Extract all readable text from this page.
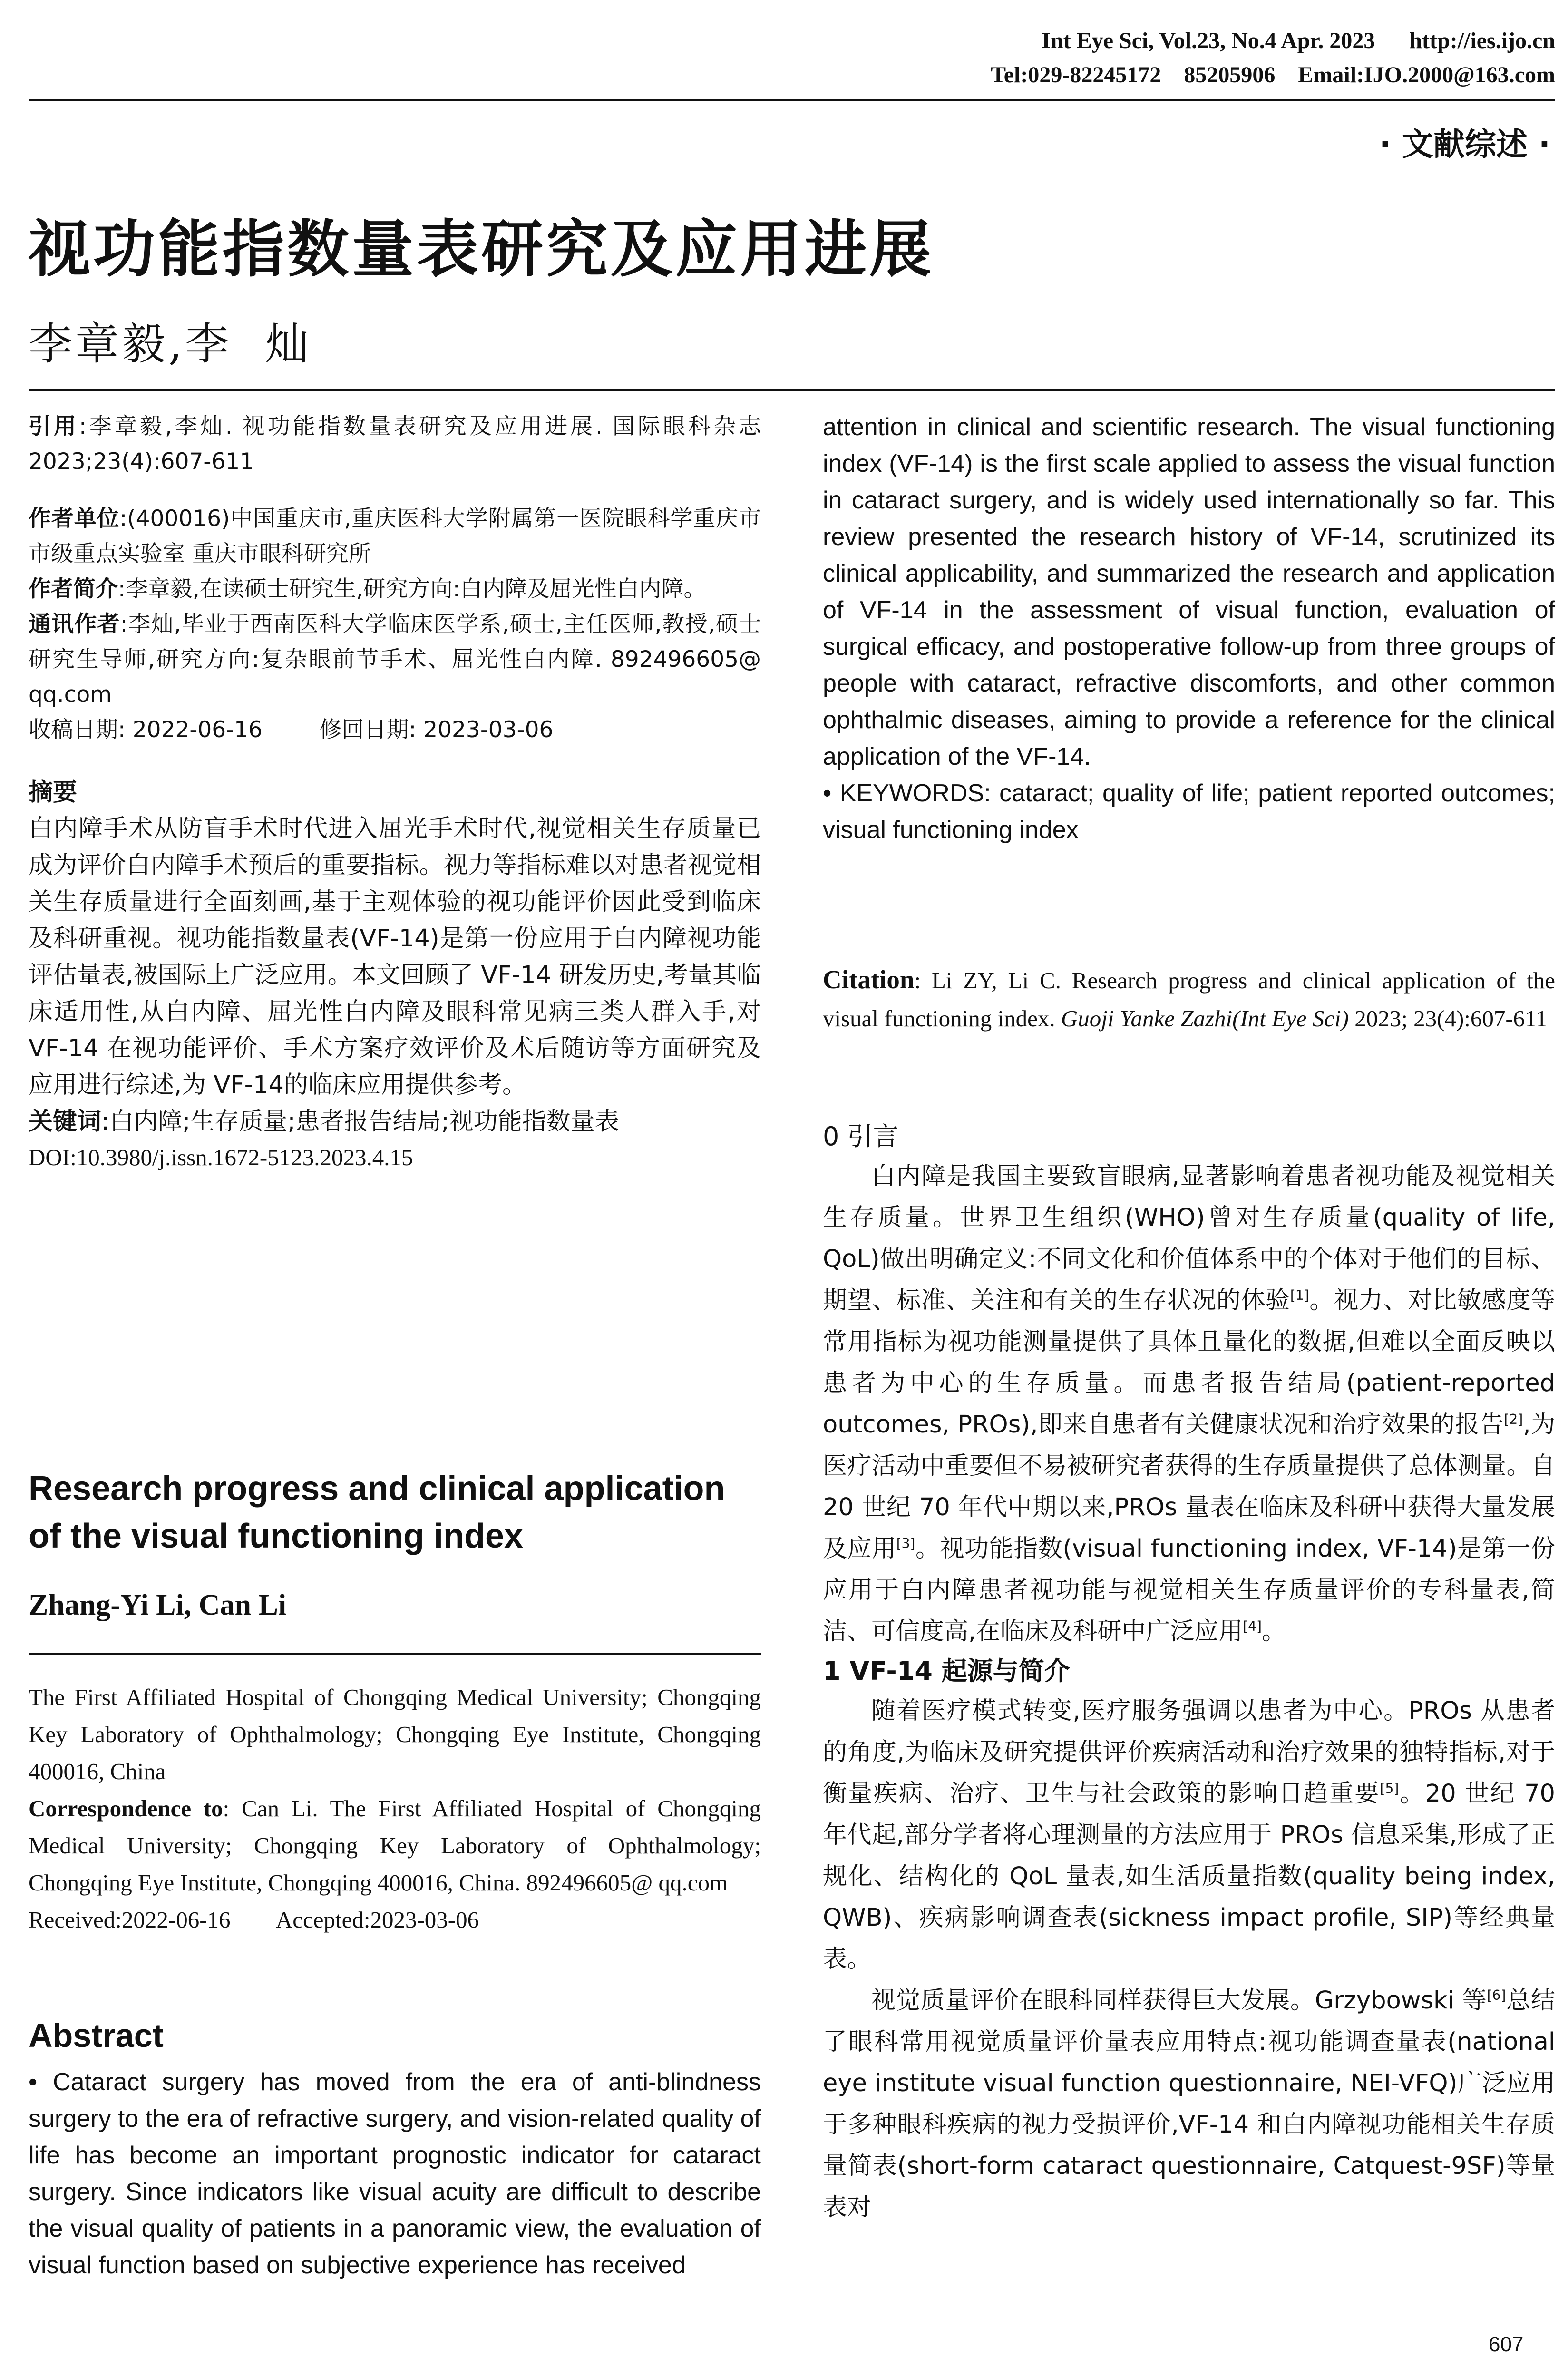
Int Eye Sci, Vol.23, No.4 Apr. 2023 http://ies.ijo.cn
Tel:029-82245172    85205906    Email:IJO.2000@163.com
· 文献综述 ·
视功能指数量表研究及应用进展
李章毅,李  灿

引用:李章毅,李灿. 视功能指数量表研究及应用进展. 国际眼科杂志 2023;23(4):607-611

作者单位:(400016)中国重庆市,重庆医科大学附属第一医院眼科学重庆市市级重点实验室 重庆市眼科研究所

作者简介:李章毅,在读硕士研究生,研究方向:白内障及屈光性白内障。

通讯作者:李灿,毕业于西南医科大学临床医学系,硕士,主任医师,教授,硕士研究生导师,研究方向:复杂眼前节手术、屈光性白内障. 892496605@ qq.com

收稿日期: 2022-06-16	修回日期: 2023-03-06

摘要

白内障手术从防盲手术时代进入屈光手术时代,视觉相关生存质量已成为评价白内障手术预后的重要指标。视力等指标难以对患者视觉相关生存质量进行全面刻画,基于主观体验的视功能评价因此受到临床及科研重视。视功能指数量表(VF-14)是第一份应用于白内障视功能评估量表,被国际上广泛应用。本文回顾了 VF-14 研发历史,考量其临床适用性,从白内障、屈光性白内障及眼科常见病三类人群入手,对 VF-14 在视功能评价、手术方案疗效评价及术后随访等方面研究及应用进行综述,为 VF-14的临床应用提供参考。

关键词:白内障;生存质量;患者报告结局;视功能指数量表

DOI:10.3980/j.issn.1672-5123.2023.4.15

Research progress and clinical application of the visual functioning index
Zhang-Yi Li, Can Li

The First Affiliated Hospital of Chongqing Medical University; Chongqing Key Laboratory of Ophthalmology; Chongqing Eye Institute, Chongqing 400016, China

Correspondence to: Can Li. The First Affiliated Hospital of Chongqing Medical University; Chongqing Key Laboratory of Ophthalmology; Chongqing Eye Institute, Chongqing 400016, China. 892496605@ qq.com

Received:2022-06-16 Accepted:2023-03-06

Abstract
• Cataract surgery has moved from the era of anti-blindness surgery to the era of refractive surgery, and vision-related quality of life has become an important prognostic indicator for cataract surgery. Since indicators like visual acuity are difficult to describe the visual quality of patients in a panoramic view, the evaluation of visual function based on subjective experience has received

attention in clinical and scientific research. The visual functioning index (VF-14) is the first scale applied to assess the visual function in cataract surgery, and is widely used internationally so far. This review presented the research history of VF-14, scrutinized its clinical applicability, and summarized the research and application of VF-14 in the assessment of visual function, evaluation of surgical efficacy, and postoperative follow-up from three groups of people with cataract, refractive discomforts, and other common ophthalmic diseases, aiming to provide a reference for the clinical application of the VF-14.

• KEYWORDS: cataract; quality of life; patient reported outcomes; visual functioning index

Citation: Li ZY, Li C. Research progress and clinical application of the visual functioning index. Guoji Yanke Zazhi(Int Eye Sci) 2023; 23(4):607-611

0 引言

白内障是我国主要致盲眼病,显著影响着患者视功能及视觉相关生存质量。世界卫生组织(WHO)曾对生存质量(quality of life, QoL)做出明确定义:不同文化和价值体系中的个体对于他们的目标、期望、标准、关注和有关的生存状况的体验[1]。视力、对比敏感度等常用指标为视功能测量提供了具体且量化的数据,但难以全面反映以患者为中心的生存质量。而患者报告结局(patient-reported outcomes, PROs),即来自患者有关健康状况和治疗效果的报告[2],为医疗活动中重要但不易被研究者获得的生存质量提供了总体测量。自 20 世纪 70 年代中期以来,PROs 量表在临床及科研中获得大量发展及应用[3]。视功能指数(visual functioning index, VF-14)是第一份应用于白内障患者视功能与视觉相关生存质量评价的专科量表,简洁、可信度高,在临床及科研中广泛应用[4]。

1 VF-14 起源与简介

随着医疗模式转变,医疗服务强调以患者为中心。PROs 从患者的角度,为临床及研究提供评价疾病活动和治疗效果的独特指标,对于衡量疾病、治疗、卫生与社会政策的影响日趋重要[5]。20 世纪 70 年代起,部分学者将心理测量的方法应用于 PROs 信息采集,形成了正规化、结构化的 QoL 量表,如生活质量指数(quality being index, QWB)、疾病影响调查表(sickness impact profile, SIP)等经典量表。

视觉质量评价在眼科同样获得巨大发展。Grzybowski 等[6]总结了眼科常用视觉质量评价量表应用特点:视功能调查量表(national eye institute visual function questionnaire, NEI-VFQ)广泛应用于多种眼科疾病的视力受损评价,VF-14 和白内障视功能相关生存质量简表(short-form cataract questionnaire, Catquest-9SF)等量表对

607
